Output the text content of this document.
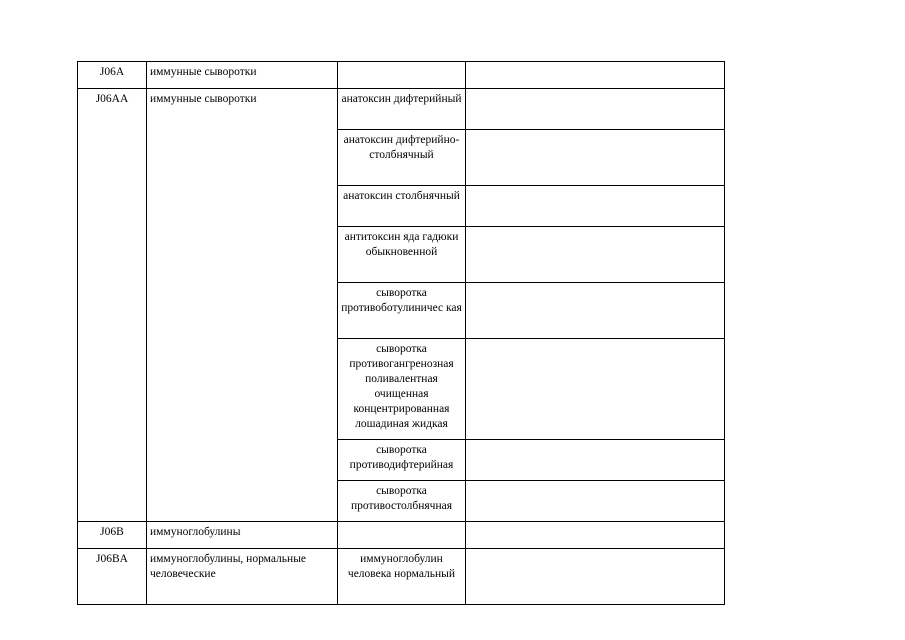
J06A	иммунные сыворотки		
J06AA	иммунные сыворотки	анатоксин дифтерийный	
		анатоксин дифтерийно-столбнячный	
		анатоксин столбнячный	
		антитоксин яда гадюки обыкновенной	
		сыворотка противоботулиничес кая	
		сыворотка противогангренозная поливалентная очищенная концентрированная лошадиная жидкая	
		сыворотка противодифтерийная	
		сыворотка противостолбнячная	
J06B	иммуноглобулины		
J06BA	иммуноглобулины, нормальные человеческие	иммуноглобулин человека нормальный	
